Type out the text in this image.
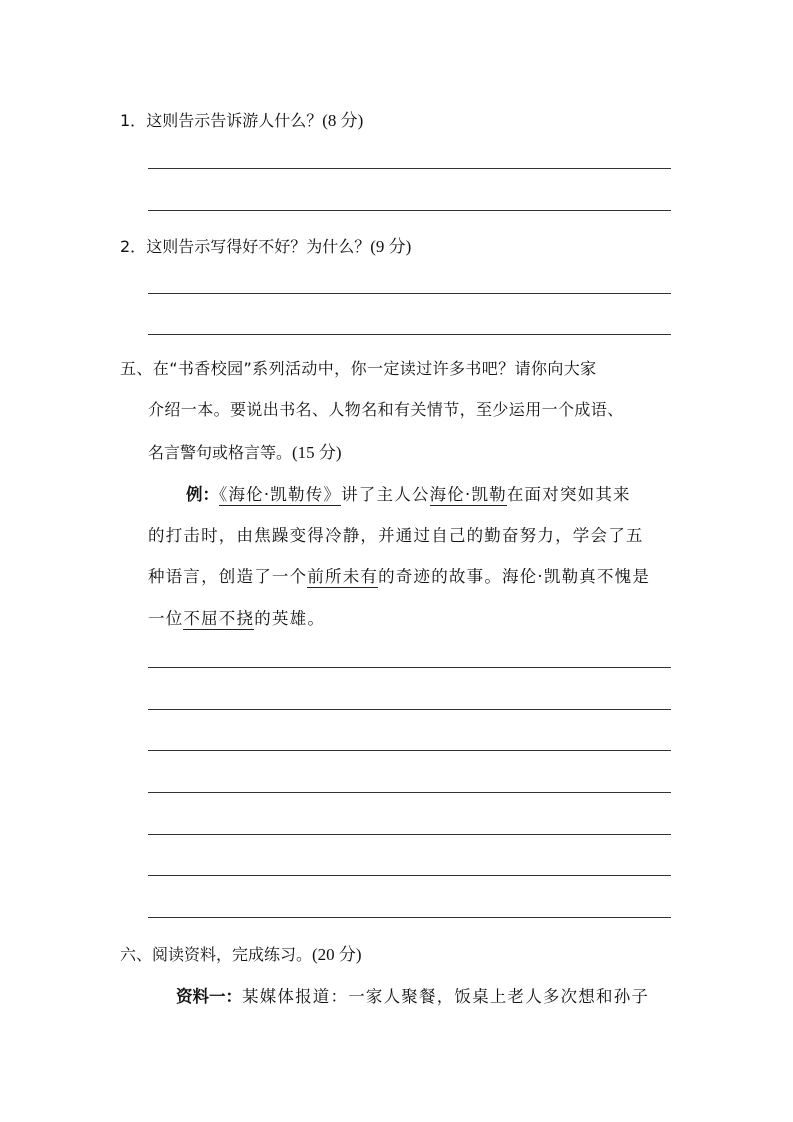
1．这则告示告诉游人什么？(8 分)
2．这则告示写得好不好？为什么？(9 分)
五、在“书香校园”系列活动中，你一定读过许多书吧？请你向大家
介绍一本。要说出书名、人物名和有关情节，至少运用一个成语、
名言警句或格言等。(15 分)
例：《海伦·凯勒传》讲了主人公海伦·凯勒在面对突如其来
的打击时，由焦躁变得冷静，并通过自己的勤奋努力，学会了五
种语言，创造了一个前所未有的奇迹的故事。海伦·凯勒真不愧是
一位不屈不挠的英雄。
六、阅读资料，完成练习。(20 分)
资料一：某媒体报道：一家人聚餐，饭桌上老人多次想和孙子
